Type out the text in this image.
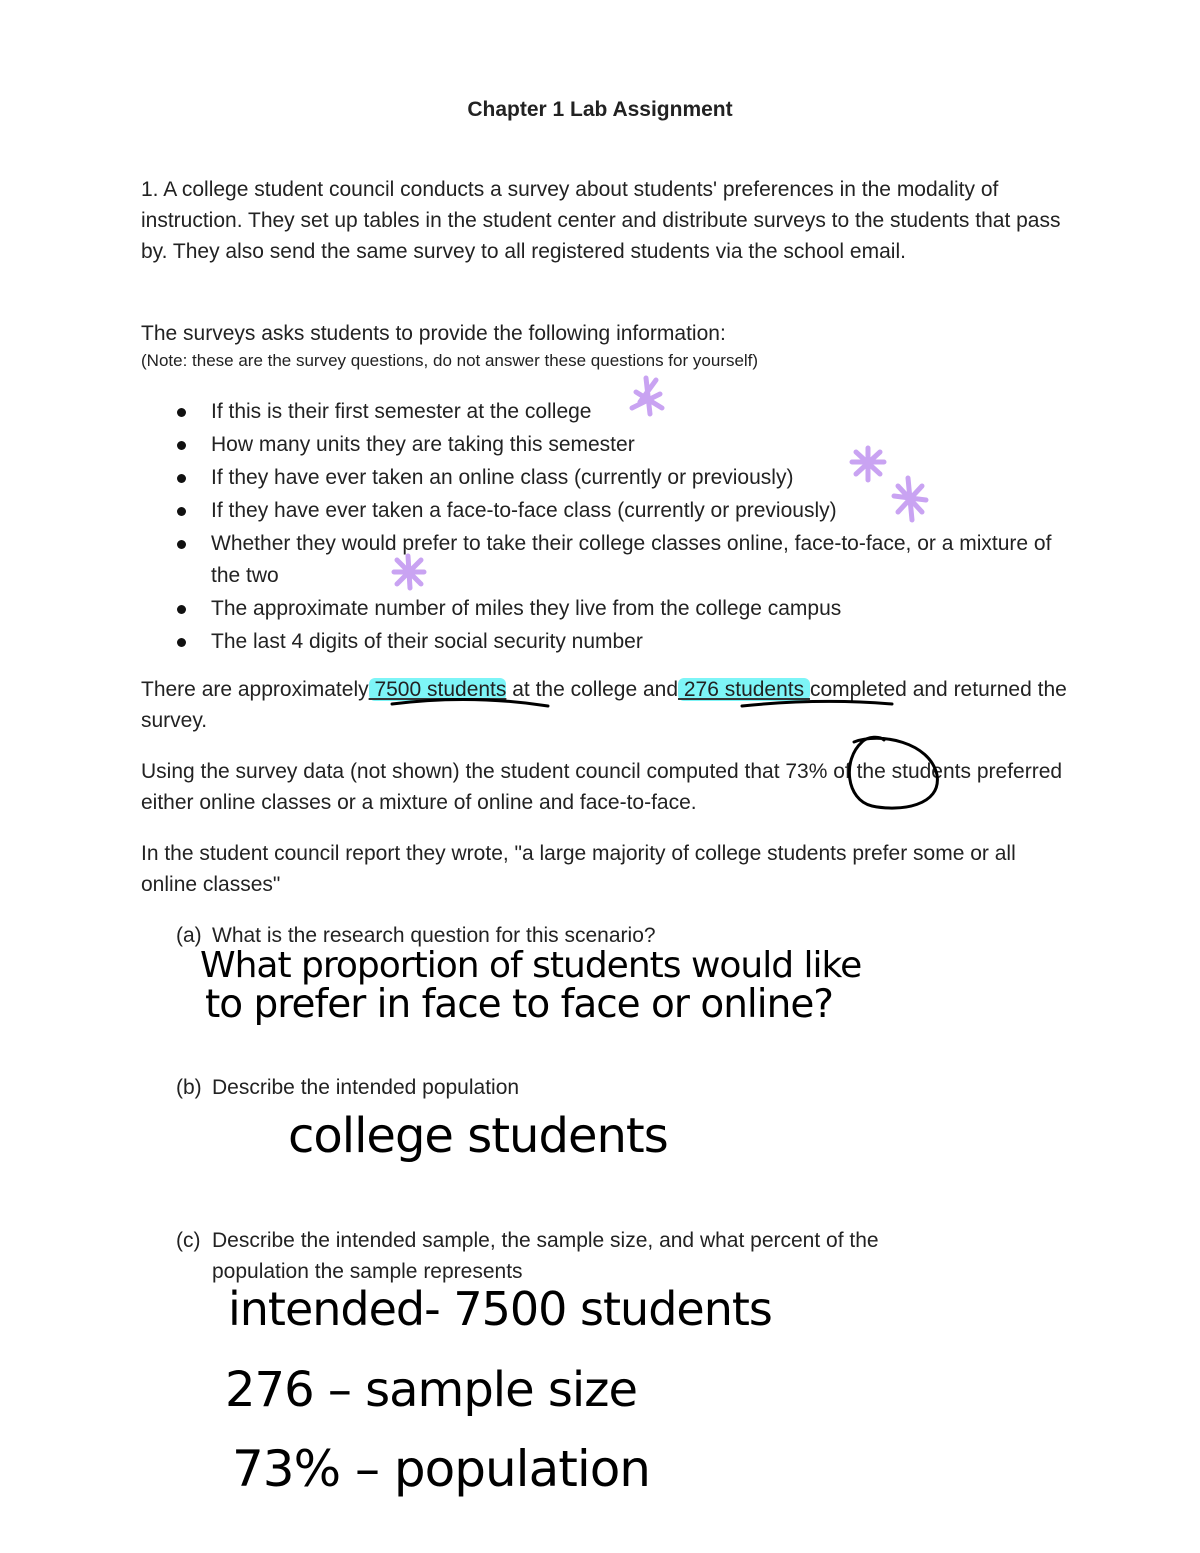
Chapter 1 Lab Assignment
1. A college student council conducts a survey about students' preferences in the modality of instruction. They set up tables in the student center and distribute surveys to the students that pass by. They also send the same survey to all registered students via the school email.
The surveys asks students to provide the following information:
(Note: these are the survey questions, do not answer these questions for yourself)
If this is their first semester at the college
How many units they are taking this semester
If they have ever taken an online class (currently or previously)
If they have ever taken a face-to-face class (currently or previously)
Whether they would prefer to take their college classes online, face-to-face, or a mixture of the two
The approximate number of miles they live from the college campus
The last 4 digits of their social security number
There are approximately 7500 students at the college and 276 students completed and returned the survey.
Using the survey data (not shown) the student council computed that 73% of the students preferred either online classes or a mixture of online and face-to-face.
In the student council report they wrote, "a large majority of college students prefer some or all online classes"
(a) What is the research question for this scenario?
(b) Describe the intended population
(c) Describe the intended sample, the sample size, and what percent of the
population the sample represents
What proportion of students would like
to prefer in face to face or online?
college students
intended- 7500 students
276 – sample size
73% – population
